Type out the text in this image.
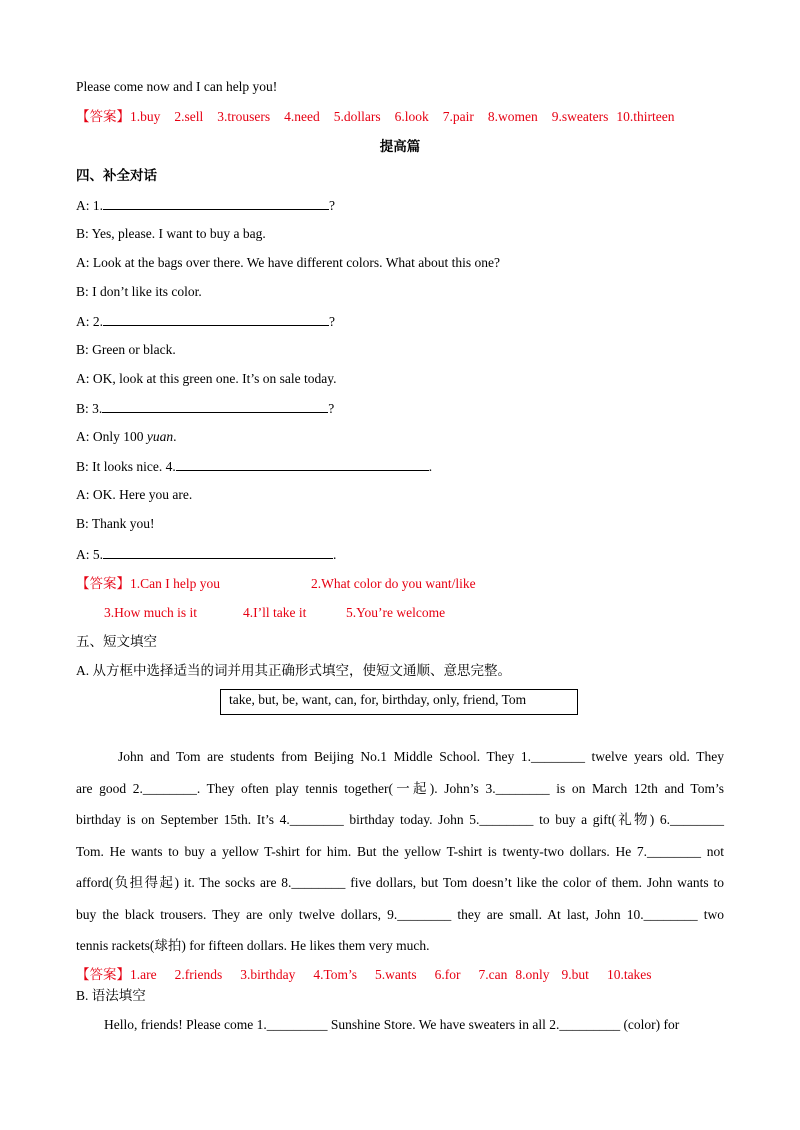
Please come now and I can help you!
【答案】1.buy 2.sell 3.trousers 4.need 5.dollars 6.look 7.pair 8.women 9.sweaters 10.thirteen
提高篇
四、补全对话
A: 1.	?
B: Yes, please. I want to buy a bag.
A: Look at the bags over there. We have different colors. What about this one?
B: I don’t like its color.
A: 2.	?
B: Green or black.
A: OK, look at this green one. It’s on sale today.
B: 3.	?
A: Only 100 yuan.
B: It looks nice. 4.	.
A: OK. Here you are.
B: Thank you!
A: 5.	.
【答案】1.Can I help you	2.What color do you want/like
3.How much is it	4.I’ll take it	5.You’re welcome
五、短文填空
A. 从方框中选择适当的词并用其正确形式填空，使短文通顺、意思完整。
take, but, be, want, can, for, birthday, only, friend, Tom

John and Tom are students from Beijing No.1 Middle School. They 1.________ twelve years old. They

are good 2.________. They often play tennis together(一起). John’s 3.________ is on March 12th and Tom’s

birthday is on September 15th. It’s 4.________ birthday today. John 5.________ to buy a gift(礼物) 6.________

Tom. He wants to buy a yellow T-shirt for him. But the yellow T-shirt is twenty-two dollars. He 7.________ not

afford(负担得起) it. The socks are 8.________ five dollars, but Tom doesn’t like the color of them. John wants to

buy the black trousers. They are only twelve dollars, 9.________ they are small. At last, John 10.________ two

tennis rackets(球拍) for fifteen dollars. He likes them very much.

【答案】1.are 2.friends 3.birthday 4.Tom’s 5.wants 6.for 7.can 8.only 9.but 10.takes
B. 语法填空
Hello, friends! Please come 1._________ Sunshine Store. We have sweaters in all 2._________ (color) for
